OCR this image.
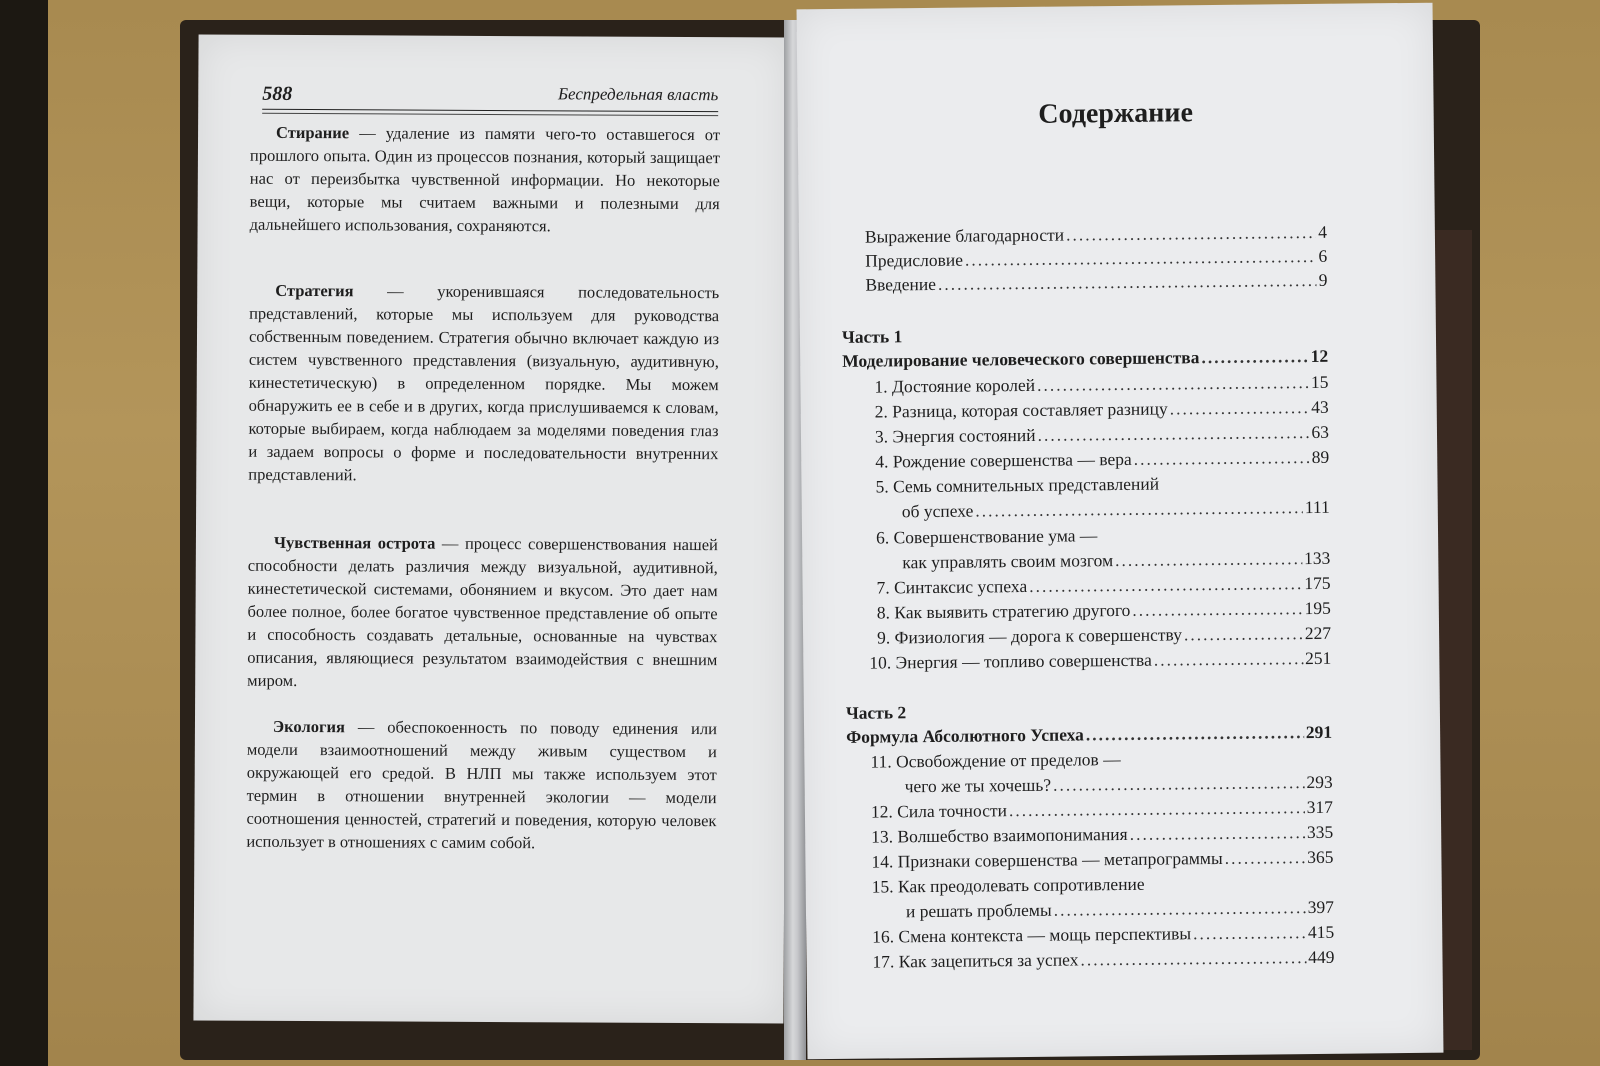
588	Беспредельная власть

Стирание — удаление из памяти чего-то оставшегося от прошлого опыта. Один из процессов познания, который защищает нас от переизбытка чувственной информации. Но некоторые вещи, которые мы считаем важными и полезными для дальнейшего использования, сохраняются.

Стратегия — укоренившаяся последовательность представлений, которые мы используем для руководства собственным поведением. Стратегия обычно включает каждую из систем чувственного представления (визуальную, аудитивную, кинестетическую) в определенном порядке. Мы можем обнаружить ее в себе и в других, когда прислушиваемся к словам, которые выбираем, когда наблюдаем за моделями поведения глаз и задаем вопросы о форме и последовательности внутренних представлений.

Чувственная острота — процесс совершенствования нашей способности делать различия между визуальной, аудитивной, кинестетической системами, обонянием и вкусом. Это дает нам более полное, более богатое чувственное представление об опыте и способность создавать детальные, основанные на чувствах описания, являющиеся результатом взаимодействия с внешним миром.

Экология — обеспокоенность по поводу единения или модели взаимоотношений между живым существом и окружающей его средой. В НЛП мы также используем этот термин в отношении внутренней экологии — модели соотношения ценностей, стратегий и поведения, которую человек использует в отношениях с самим собой.

Содержание
Выражение благодарности .....	4
Предисловие .....	6
Введение .....	9
Часть 1
Моделирование человеческого совершенства .....	12
1. Достояние королей .....	15
2. Разница, которая составляет разницу .....	43
3. Энергия состояний .....	63
4. Рождение совершенства — вера .....	89
5. Семь сомнительных представлений
об успехе .....	111
6. Совершенствование ума —
как управлять своим мозгом .....	133
7. Синтаксис успеха .....	175
8. Как выявить стратегию другого .....	195
9. Физиология — дорога к совершенству .....	227
10. Энергия — топливо совершенства .....	251
Часть 2
Формула Абсолютного Успеха .....	291
11. Освобождение от пределов —
чего же ты хочешь? .....	293
12. Сила точности .....	317
13. Волшебство взаимопонимания .....	335
14. Признаки совершенства — метапрограммы .....	365
15. Как преодолевать сопротивление
и решать проблемы .....	397
16. Смена контекста — мощь перспективы .....	415
17. Как зацепиться за успех .....	449
